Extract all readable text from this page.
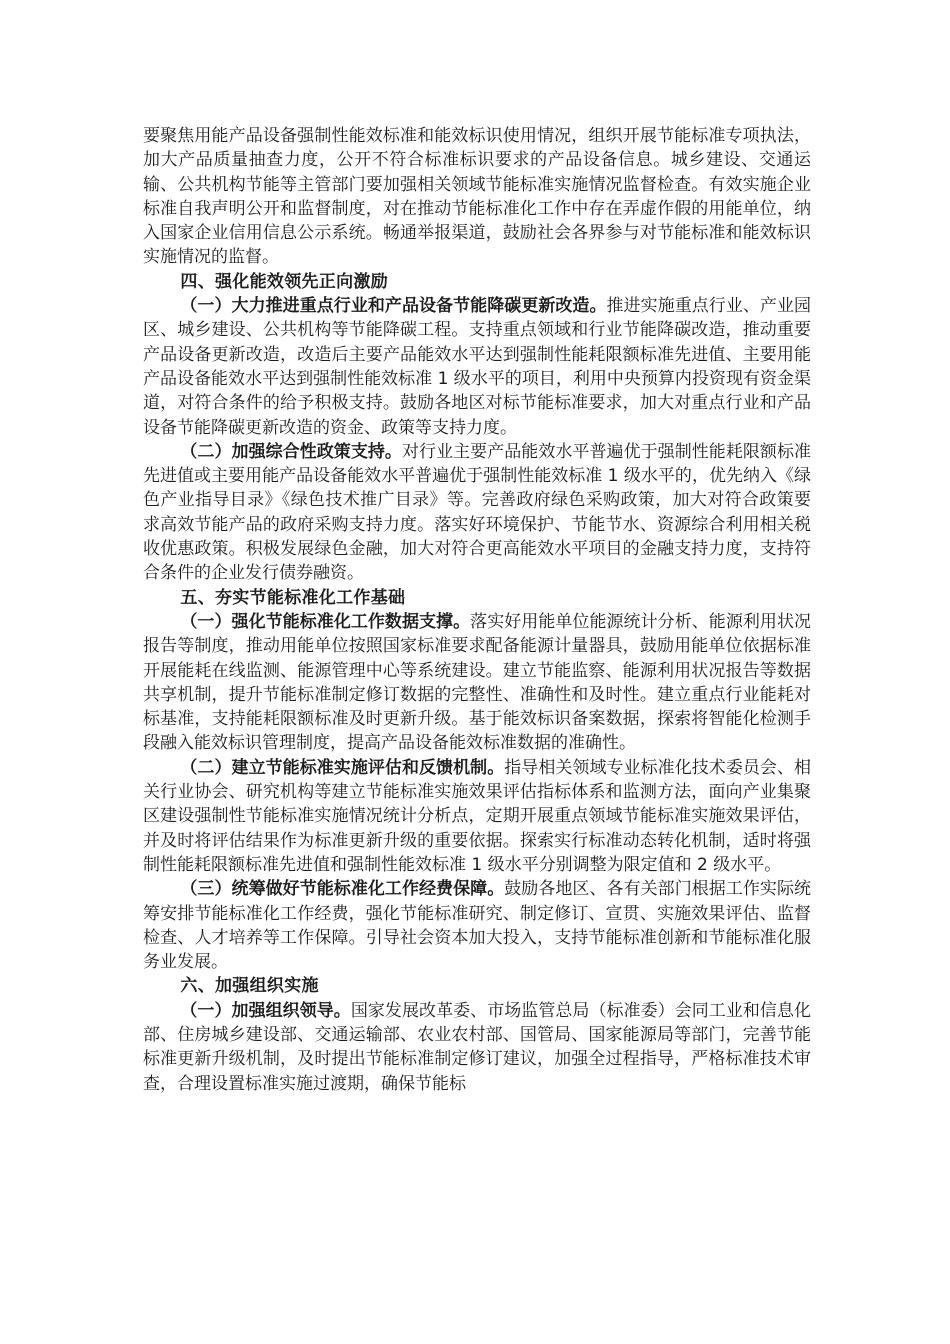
要聚焦用能产品设备强制性能效标准和能效标识使用情况，组织开展节能标准专项执法，加大产品质量抽查力度，公开不符合标准标识要求的产品设备信息。城乡建设、交通运输、公共机构节能等主管部门要加强相关领域节能标准实施情况监督检查。有效实施企业标准自我声明公开和监督制度，对在推动节能标准化工作中存在弄虚作假的用能单位，纳入国家企业信用信息公示系统。畅通举报渠道，鼓励社会各界参与对节能标准和能效标识实施情况的监督。

四、强化能效领先正向激励

（一）大力推进重点行业和产品设备节能降碳更新改造。推进实施重点行业、产业园区、城乡建设、公共机构等节能降碳工程。支持重点领域和行业节能降碳改造，推动重要产品设备更新改造，改造后主要产品能效水平达到强制性能耗限额标准先进值、主要用能产品设备能效水平达到强制性能效标准 1 级水平的项目，利用中央预算内投资现有资金渠道，对符合条件的给予积极支持。鼓励各地区对标节能标准要求，加大对重点行业和产品设备节能降碳更新改造的资金、政策等支持力度。

（二）加强综合性政策支持。对行业主要产品能效水平普遍优于强制性能耗限额标准先进值或主要用能产品设备能效水平普遍优于强制性能效标准 1 级水平的，优先纳入《绿色产业指导目录》《绿色技术推广目录》等。完善政府绿色采购政策，加大对符合政策要求高效节能产品的政府采购支持力度。落实好环境保护、节能节水、资源综合利用相关税收优惠政策。积极发展绿色金融，加大对符合更高能效水平项目的金融支持力度，支持符合条件的企业发行债券融资。

五、夯实节能标准化工作基础

（一）强化节能标准化工作数据支撑。落实好用能单位能源统计分析、能源利用状况报告等制度，推动用能单位按照国家标准要求配备能源计量器具，鼓励用能单位依据标准开展能耗在线监测、能源管理中心等系统建设。建立节能监察、能源利用状况报告等数据共享机制，提升节能标准制定修订数据的完整性、准确性和及时性。建立重点行业能耗对标基准，支持能耗限额标准及时更新升级。基于能效标识备案数据，探索将智能化检测手段融入能效标识管理制度，提高产品设备能效标准数据的准确性。

（二）建立节能标准实施评估和反馈机制。指导相关领域专业标准化技术委员会、相关行业协会、研究机构等建立节能标准实施效果评估指标体系和监测方法，面向产业集聚区建设强制性节能标准实施情况统计分析点，定期开展重点领域节能标准实施效果评估，并及时将评估结果作为标准更新升级的重要依据。探索实行标准动态转化机制，适时将强制性能耗限额标准先进值和强制性能效标准 1 级水平分别调整为限定值和 2 级水平。

（三）统筹做好节能标准化工作经费保障。鼓励各地区、各有关部门根据工作实际统筹安排节能标准化工作经费，强化节能标准研究、制定修订、宣贯、实施效果评估、监督检查、人才培养等工作保障。引导社会资本加大投入，支持节能标准创新和节能标准化服务业发展。

六、加强组织实施

（一）加强组织领导。国家发展改革委、市场监管总局（标准委）会同工业和信息化部、住房城乡建设部、交通运输部、农业农村部、国管局、国家能源局等部门，完善节能标准更新升级机制，及时提出节能标准制定修订建议，加强全过程指导，严格标准技术审查，合理设置标准实施过渡期，确保节能标
